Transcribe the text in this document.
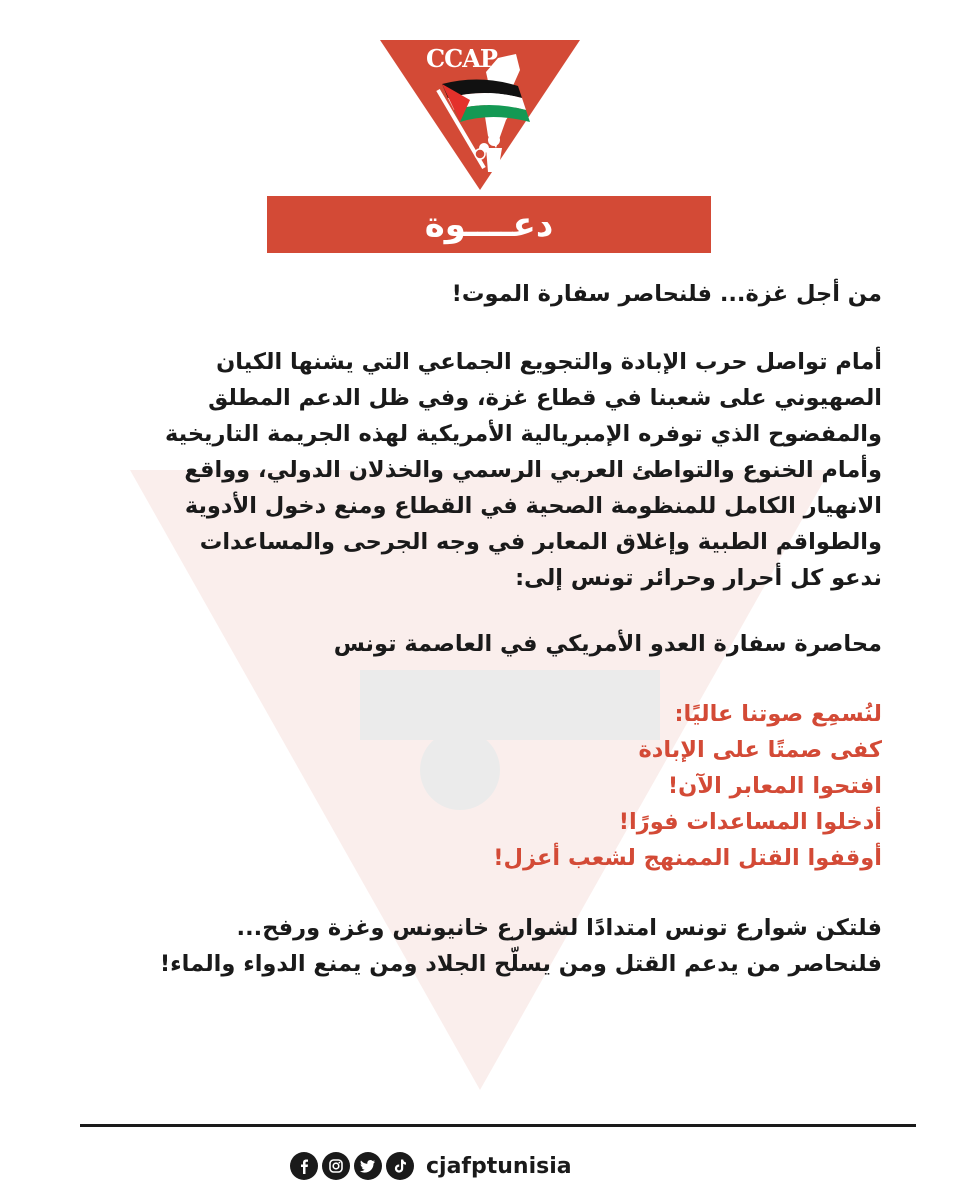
CCAP
دعــــوة

من أجل غزة... فلنحاصر سفارة الموت!

أمام تواصل حرب الإبادة والتجويع الجماعي التي يشنها الكيان

الصهيوني على شعبنا في قطاع غزة، وفي ظل الدعم المطلق

والمفضوح الذي توفره الإمبريالية الأمريكية لهذه الجريمة التاريخية

وأمام الخنوع والتواطئ العربي الرسمي والخذلان الدولي، وواقع

الانهيار الكامل للمنظومة الصحية في القطاع ومنع دخول الأدوية

والطواقم الطبية وإغلاق المعابر في وجه الجرحى والمساعدات

ندعو كل أحرار وحرائر تونس إلى:

محاصرة سفارة العدو الأمريكي في العاصمة تونس

لنُسمِع صوتنا عاليًا:

كفى صمتًا على الإبادة

افتحوا المعابر الآن!

أدخلوا المساعدات فورًا!

أوقفوا القتل الممنهج لشعب أعزل!

فلتكن شوارع تونس امتدادًا لشوارع خانيونس وغزة ورفح...

فلنحاصر من يدعم القتل ومن يسلّح الجلاد ومن يمنع الدواء والماء!

cjafptunisia
